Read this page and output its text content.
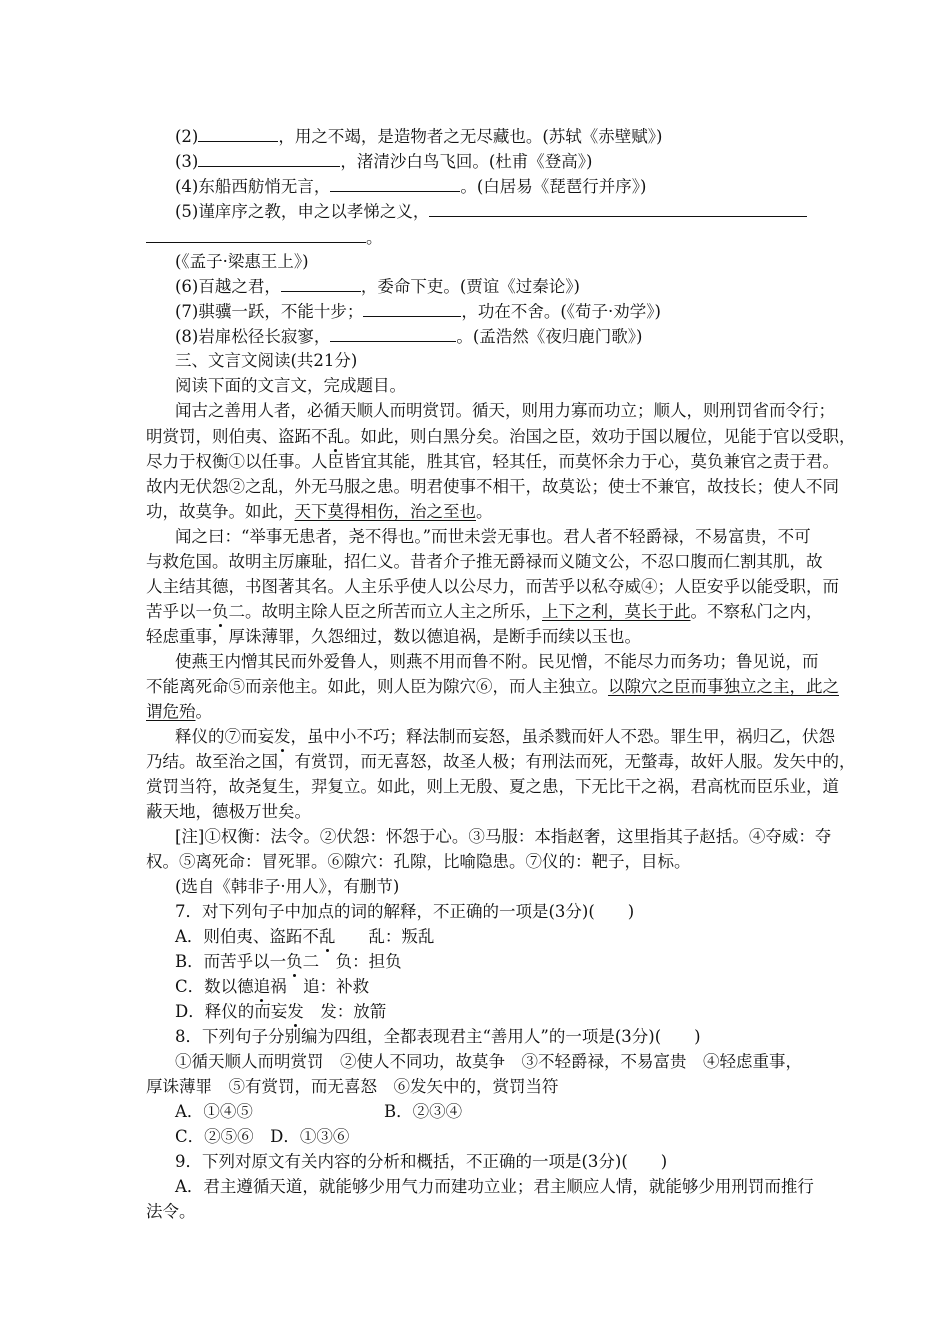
(2)	，用之不竭，是造物者之无尽藏也。(苏轼《赤壁赋》)
(3)	，渚清沙白鸟飞回。(杜甫《登高》)
(4)东船西舫悄无言，	。(白居易《琵琶行并序》)
(5)谨庠序之教，申之以孝悌之义，
。
(《孟子·梁惠王上》)
(6)百越之君，	，委命下吏。(贾谊《过秦论》)
(7)骐骥一跃，不能十步；	，功在不舍。(《荀子·劝学》)
(8)岩扉松径长寂寥，	。(孟浩然《夜归鹿门歌》)
三、文言文阅读(共21分)
阅读下面的文言文，完成题目。
闻古之善用人者，必循天顺人而明赏罚。循天，则用力寡而功立；顺人，则刑罚省而令行；
明赏罚，则伯夷、盗跖不乱。如此，则白黑分矣。治国之臣，效功于国以履位，见能于官以受职，
尽力于权衡①以任事。人臣皆宜其能，胜其官，轻其任，而莫怀余力于心，莫负兼官之责于君。
故内无伏怨②之乱，外无马服之患。明君使事不相干，故莫讼；使士不兼官，故技长；使人不同
功，故莫争。如此，天下莫得相伤，治之至也。
闻之曰：“举事无患者，尧不得也。”而世未尝无事也。君人者不轻爵禄，不易富贵，不可
与救危国。故明主厉廉耻，招仁义。昔者介子推无爵禄而义随文公，不忍口腹而仁割其肌，故
人主结其德，书图著其名。人主乐乎使人以公尽力，而苦乎以私夺威④；人臣安乎以能受职，而
苦乎以一负二。故明主除人臣之所苦而立人主之所乐，上下之利，莫长于此。不察私门之内，
轻虑重事，厚诛薄罪，久怨细过，数以德追祸，是断手而续以玉也。
使燕王内憎其民而外爱鲁人，则燕不用而鲁不附。民见憎，不能尽力而务功；鲁见说，而
不能离死命⑤而亲他主。如此，则人臣为隙穴⑥，而人主独立。以隙穴之臣而事独立之主，此之
谓危殆。
释仪的⑦而妄发，虽中小不巧；释法制而妄怒，虽杀戮而奸人不恐。罪生甲，祸归乙，伏怨
乃结。故至治之国，有赏罚，而无喜怒，故圣人极；有刑法而死，无螫毒，故奸人服。发矢中的，
赏罚当符，故尧复生，羿复立。如此，则上无殷、夏之患，下无比干之祸，君高枕而臣乐业，道
蔽天地，德极万世矣。
[注]①权衡：法令。②伏怨：怀怨于心。③马服：本指赵奢，这里指其子赵括。④夺威：夺
权。⑤离死命：冒死罪。⑥隙穴：孔隙，比喻隐患。⑦仪的：靶子，目标。
(选自《韩非子·用人》，有删节)
7．对下列句子中加点的词的解释，不正确的一项是(3分)(　　)
A．则伯夷、盗跖不乱　　乱：叛乱
B．而苦乎以一负二　负：担负
C．数以德追祸　追：补救
D．释仪的而妄发　发：放箭
8．下列句子分别编为四组，全都表现君主“善用人”的一项是(3分)(　　)
①循天顺人而明赏罚　②使人不同功，故莫争　③不轻爵禄，不易富贵　④轻虑重事，
厚诛薄罪　⑤有赏罚，而无喜怒　⑥发矢中的，赏罚当符
A．①④⑤	B．②③④
C．②⑤⑥　D．①③⑥
9．下列对原文有关内容的分析和概括，不正确的一项是(3分)(　　)
A．君主遵循天道，就能够少用气力而建功立业；君主顺应人情，就能够少用刑罚而推行
法令。
